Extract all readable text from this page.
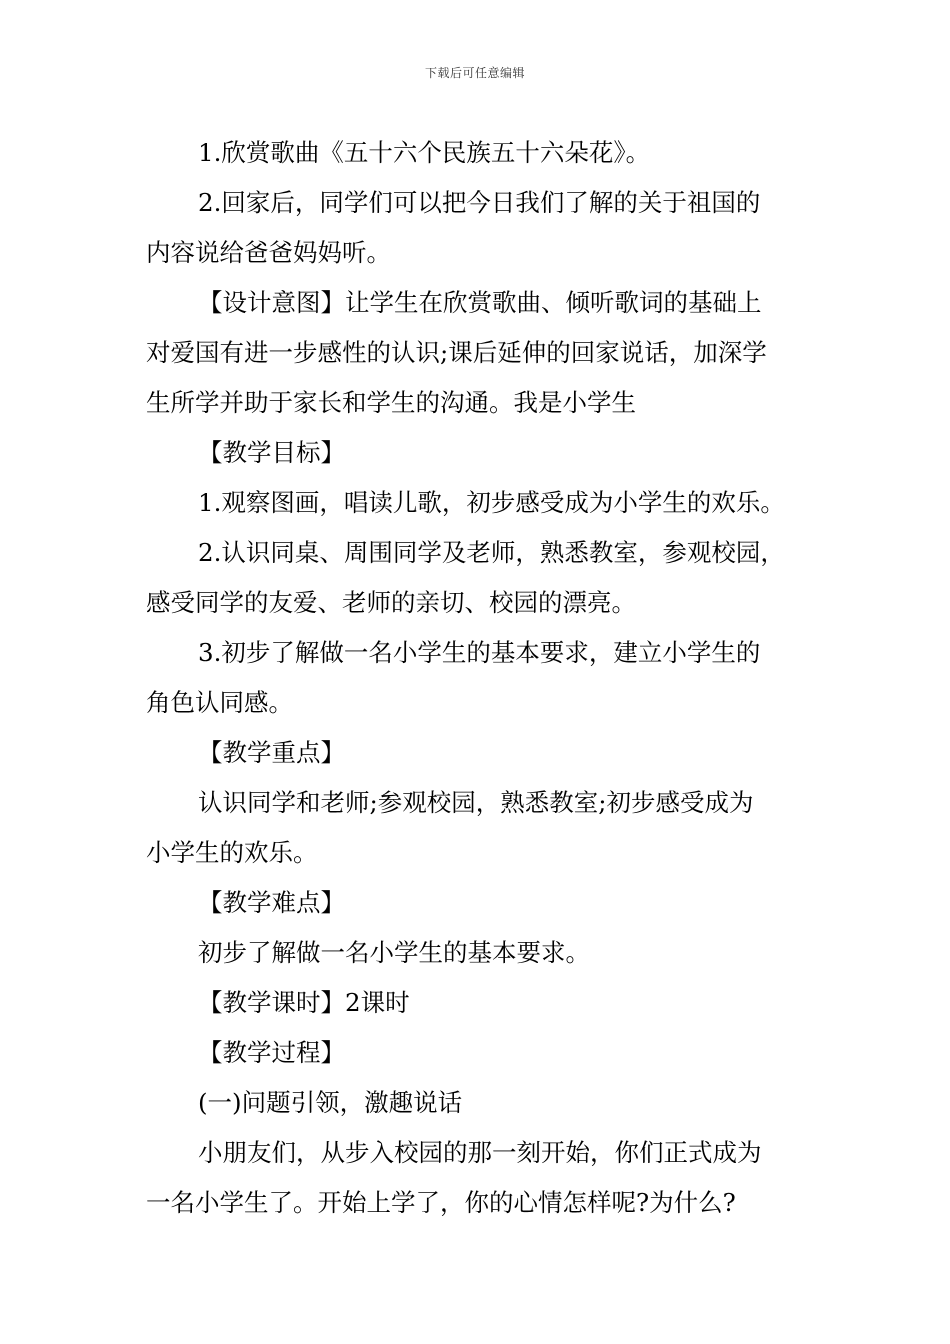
下载后可任意编辑

1.欣赏歌曲《五十六个民族五十六朵花》。

2.回家后，同学们可以把今日我们了解的关于祖国的

内容说给爸爸妈妈听。

【设计意图】让学生在欣赏歌曲、倾听歌词的基础上

对爱国有进一步感性的认识;课后延伸的回家说话，加深学

生所学并助于家长和学生的沟通。我是小学生

【教学目标】

1.观察图画，唱读儿歌，初步感受成为小学生的欢乐。

2.认识同桌、周围同学及老师，熟悉教室，参观校园，

感受同学的友爱、老师的亲切、校园的漂亮。

3.初步了解做一名小学生的基本要求，建立小学生的

角色认同感。

【教学重点】

认识同学和老师;参观校园，熟悉教室;初步感受成为

小学生的欢乐。

【教学难点】

初步了解做一名小学生的基本要求。

【教学课时】2课时

【教学过程】

(一)问题引领，激趣说话

小朋友们，从步入校园的那一刻开始，你们正式成为

一名小学生了。开始上学了，你的心情怎样呢?为什么?
